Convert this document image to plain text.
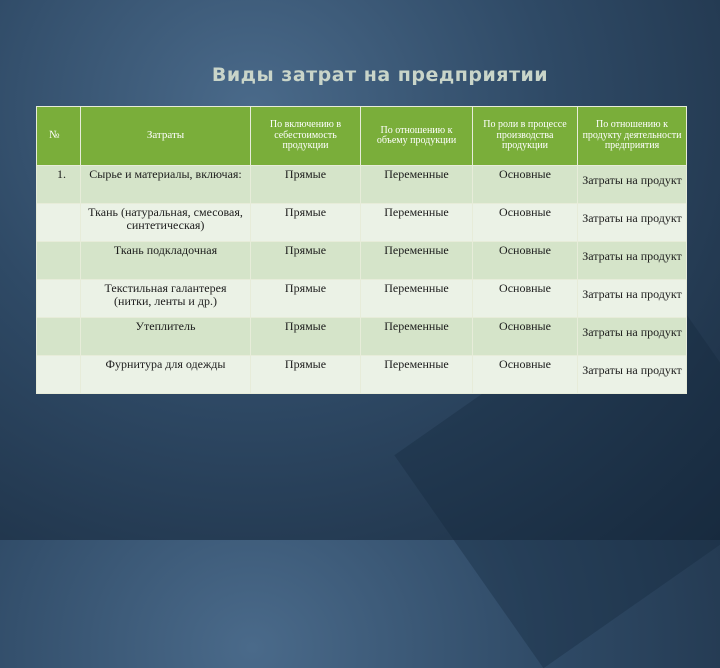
Виды затрат на предприятии
№	Затраты	По включению в себестоимость продукции	По отношению к объему продукции	По роли в процессе производства продукции	По отношению к продукту деятельности предприятия
1.	Сырье и материалы, включая:	Прямые	Переменные	Основные	Затраты на продукт
	Ткань (натуральная, смесовая, синтетическая)	Прямые	Переменные	Основные	Затраты на продукт
	Ткань подкладочная	Прямые	Переменные	Основные	Затраты на продукт
	Текстильная галантерея (нитки, ленты и др.)	Прямые	Переменные	Основные	Затраты на продукт
	Утеплитель	Прямые	Переменные	Основные	Затраты на продукт
	Фурнитура для одежды	Прямые	Переменные	Основные	Затраты на продукт
